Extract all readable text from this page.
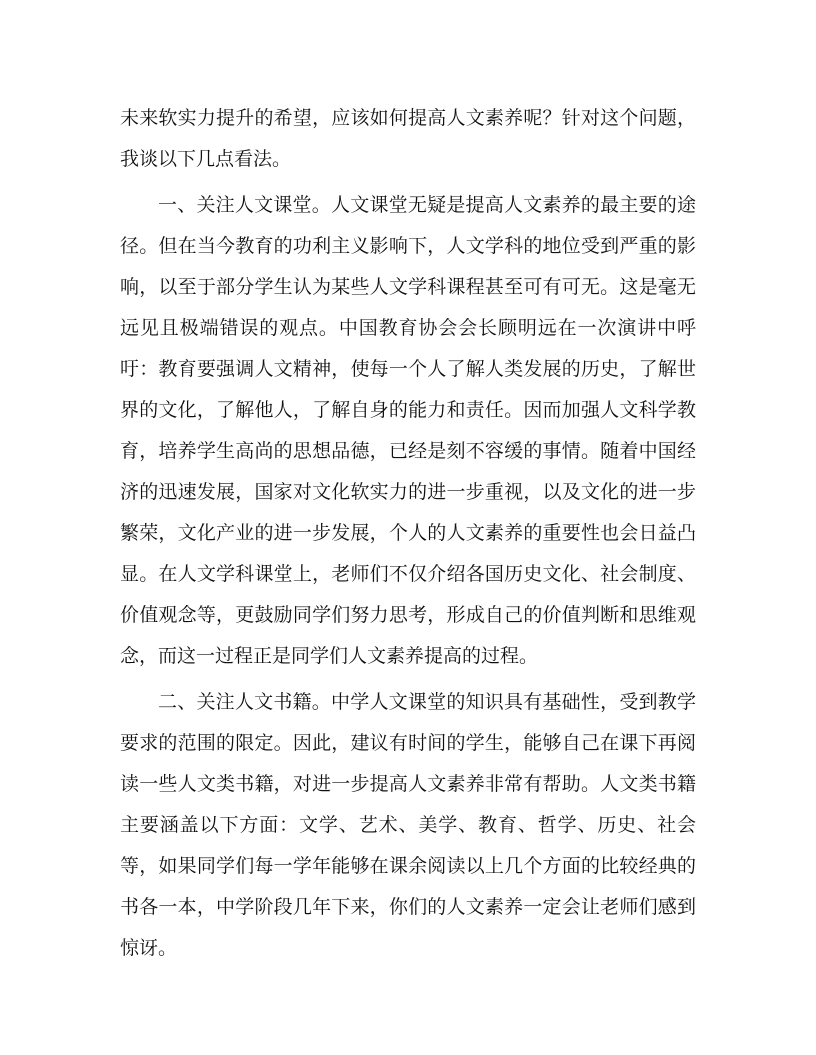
未来软实力提升的希望，应该如何提高人文素养呢？针对这个问题，我谈以下几点看法。

一、关注人文课堂。人文课堂无疑是提高人文素养的最主要的途径。但在当今教育的功利主义影响下，人文学科的地位受到严重的影响，以至于部分学生认为某些人文学科课程甚至可有可无。这是毫无远见且极端错误的观点。中国教育协会会长顾明远在一次演讲中呼吁：教育要强调人文精神，使每一个人了解人类发展的历史，了解世界的文化，了解他人，了解自身的能力和责任。因而加强人文科学教育，培养学生高尚的思想品德，已经是刻不容缓的事情。随着中国经济的迅速发展，国家对文化软实力的进一步重视，以及文化的进一步繁荣，文化产业的进一步发展，个人的人文素养的重要性也会日益凸显。在人文学科课堂上，老师们不仅介绍各国历史文化、社会制度、价值观念等，更鼓励同学们努力思考，形成自己的价值判断和思维观念，而这一过程正是同学们人文素养提高的过程。

二、关注人文书籍。中学人文课堂的知识具有基础性，受到教学要求的范围的限定。因此，建议有时间的学生，能够自己在课下再阅读一些人文类书籍，对进一步提高人文素养非常有帮助。人文类书籍主要涵盖以下方面：文学、艺术、美学、教育、哲学、历史、社会等，如果同学们每一学年能够在课余阅读以上几个方面的比较经典的书各一本，中学阶段几年下来，你们的人文素养一定会让老师们感到惊讶。
